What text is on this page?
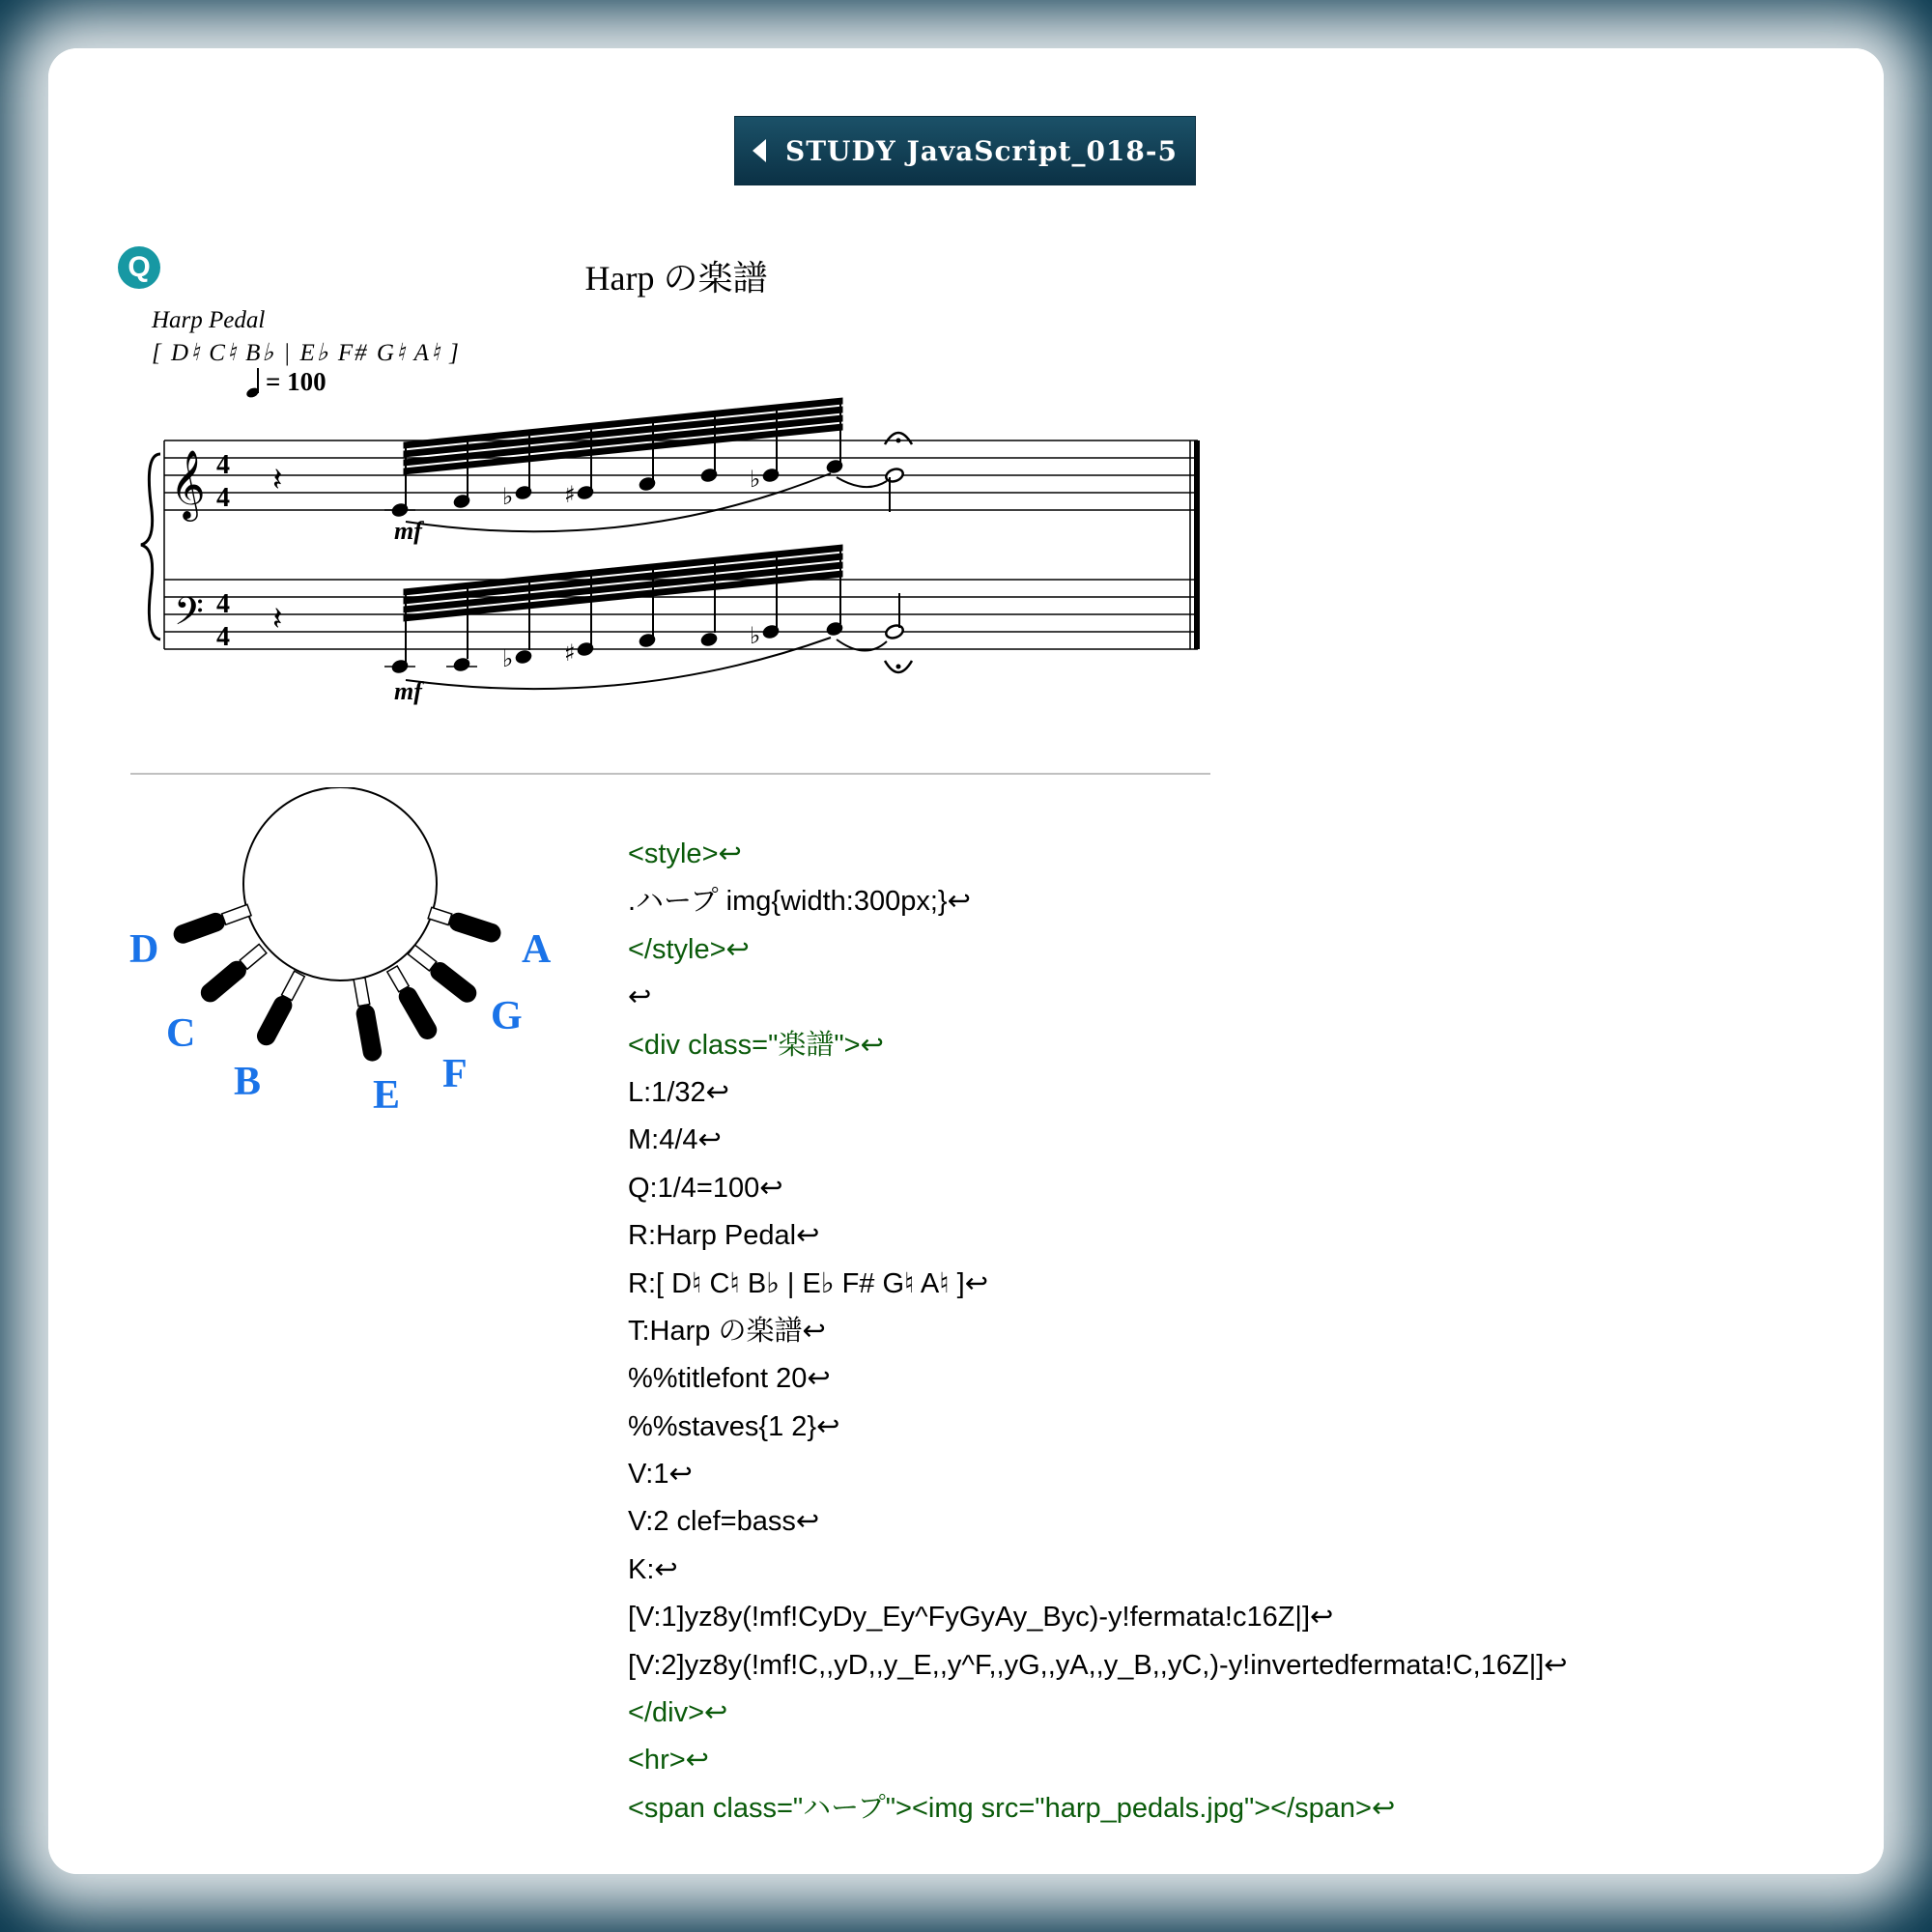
STUDY JavaScript_018-5
Q	Harp の楽譜
Harp Pedal
[ D♮ C♮ B♭ | E♭ F# G♮ A♮ ]
= 100
𝄞
𝄢
4
4
4
4
𝄽
𝄽
♭ ♯
♭
mf
♭ ♯
♭
mf
D
C
B	E F
G
A
<style>↩
.ハープ img{width:300px;}↩
</style>↩
↩
<div class="楽譜">↩
L:1/32↩
M:4/4↩
Q:1/4=100↩
R:Harp Pedal↩
R:[ D♮ C♮ B♭ | E♭ F# G♮ A♮ ]↩
T:Harp の楽譜↩
%%titlefont 20↩
%%staves{1 2}↩
V:1↩
V:2 clef=bass↩
K:↩
[V:1]yz8y(!mf!CyDy_Ey^FyGyAy_Byc)-y!fermata!c16Z|]↩
[V:2]yz8y(!mf!C,,yD,,y_E,,y^F,,yG,,yA,,y_B,,yC,)-y!invertedfermata!C,16Z|]↩
</div>↩
<hr>↩
<span class="ハープ"><img src="harp_pedals.jpg"></span>↩
